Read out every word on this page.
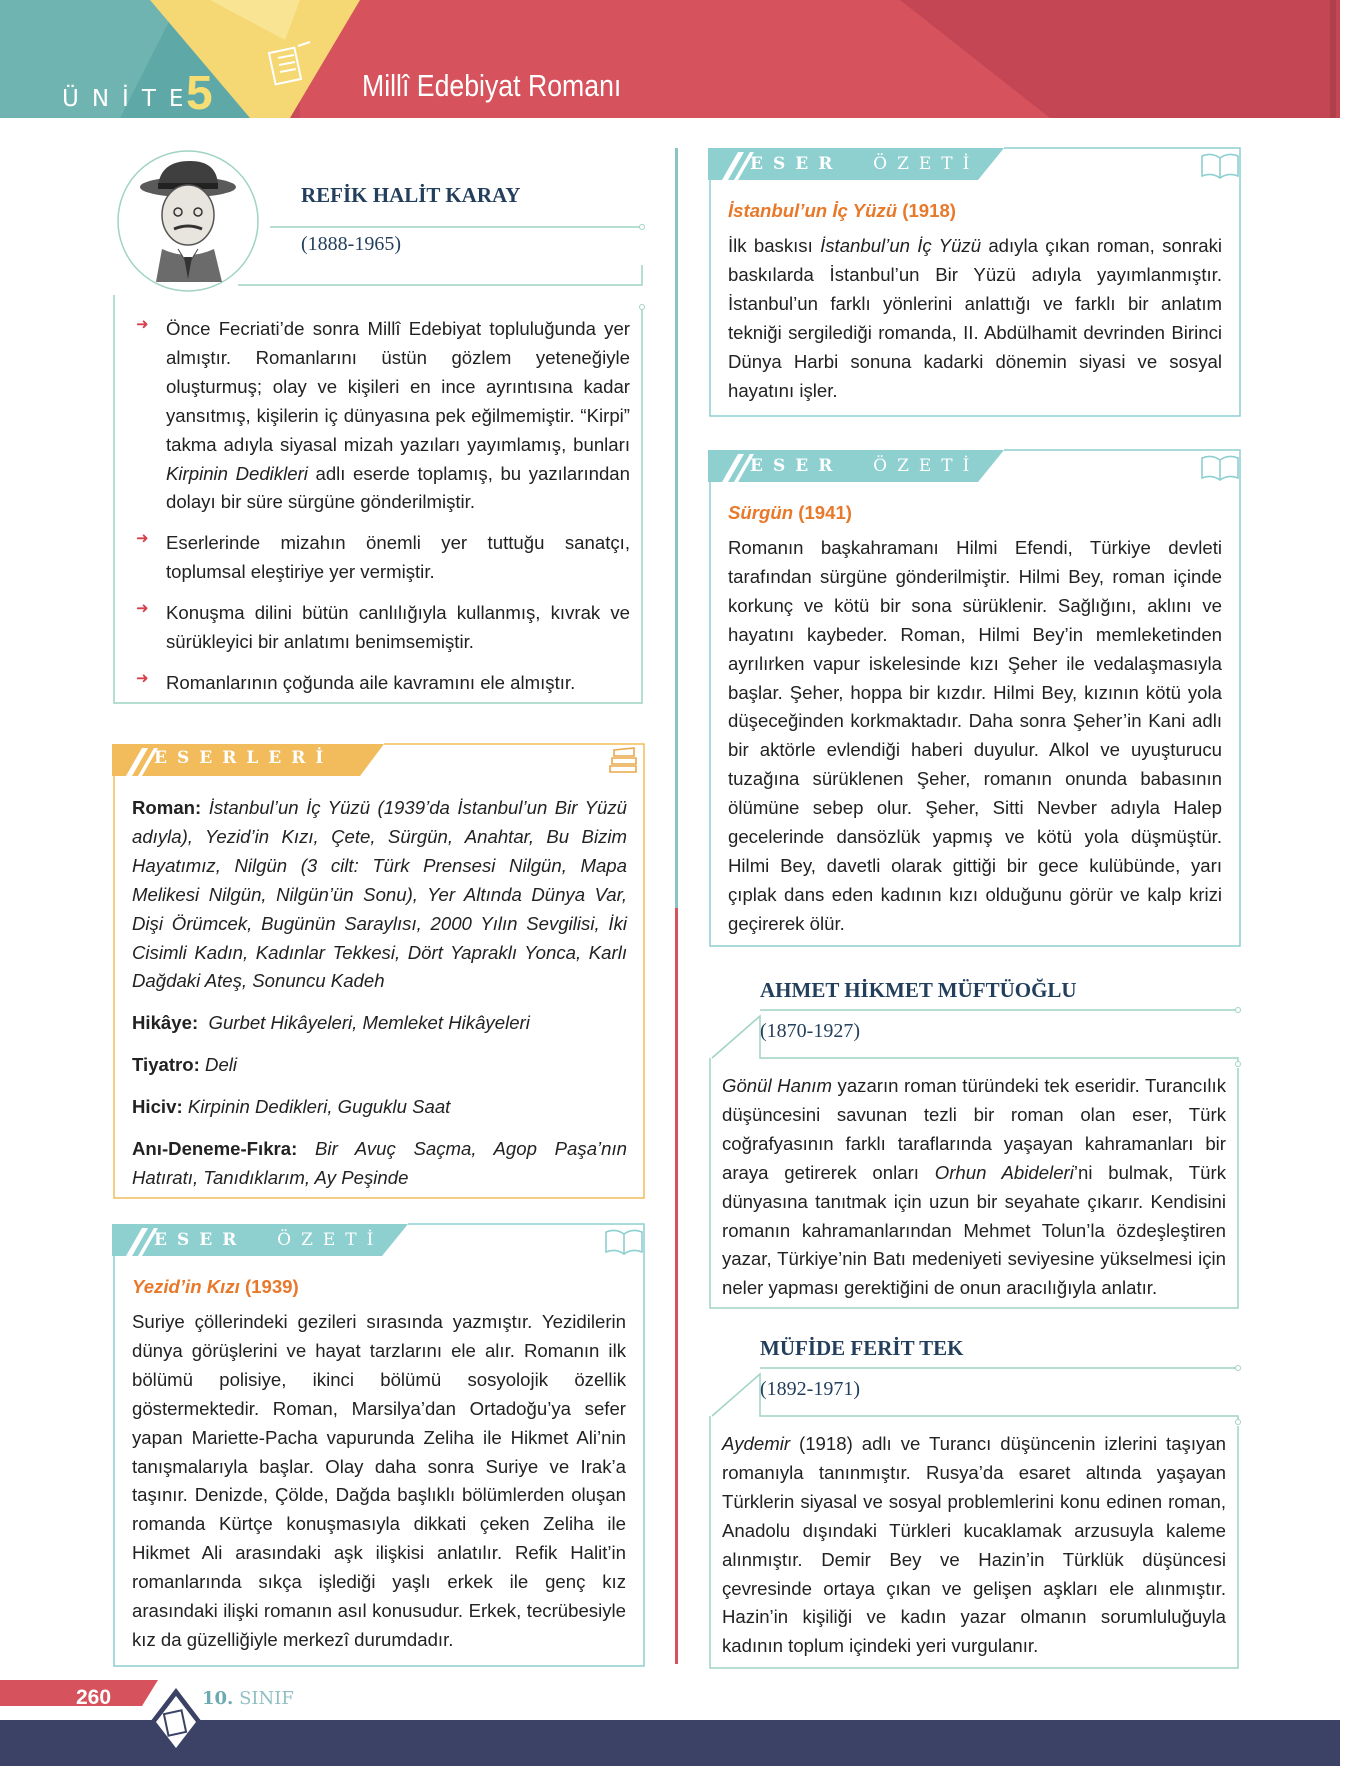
ÜNİTE
5	Millî Edebiyat Romanı
REFİK HALİT KARAY
(1888-1965)
➜ Önce Fecriati’de sonra Millî Edebiyat topluluğunda yer almıştır. Romanlarını üstün gözlem yeteneğiyle oluşturmuş; olay ve kişileri en ince ayrıntısına kadar yansıtmış, kişilerin iç dünyasına pek eğilmemiştir. “Kirpi” takma adıyla siyasal mizah yazıları yayımlamış, bunları Kirpinin Dedikleri adlı eserde toplamış, bu yazılarından dolayı bir süre sürgüne gönderilmiştir.

➜ Eserlerinde mizahın önemli yer tuttuğu sanatçı, toplumsal eleştiriye yer vermiştir.

➜ Konuşma dilini bütün canlılığıyla kullanmış, kıvrak ve sürükleyici bir anlatımı benimsemiştir.

➜ Romanlarının çoğunda aile kavramını ele almıştır.

ESERLERİ

Roman: İstanbul’un İç Yüzü (1939’da İstanbul’un Bir Yüzü adıyla), Yezid’in Kızı, Çete, Sürgün, Anahtar, Bu Bizim Hayatımız, Nilgün (3 cilt: Türk Prensesi Nilgün, Mapa Melikesi Nilgün, Nilgün’ün Sonu), Yer Altında Dünya Var, Dişi Örümcek, Bugünün Saraylısı, 2000 Yılın Sevgilisi, İki Cisimli Kadın, Kadınlar Tekkesi, Dört Yapraklı Yonca, Karlı Dağdaki Ateş, Sonuncu Kadeh

Hikâye: Gurbet Hikâyeleri, Memleket Hikâyeleri

Tiyatro: Deli

Hiciv: Kirpinin Dedikleri, Guguklu Saat

Anı-Deneme-Fıkra: Bir Avuç Saçma, Agop Paşa’nın Hatıratı, Tanıdıklarım, Ay Peşinde

ESER ÖZETİ
Yezid’in Kızı (1939)

Suriye çöllerindeki gezileri sırasında yazmıştır. Yezidilerin dünya görüşlerini ve hayat tarzlarını ele alır. Romanın ilk bölümü polisiye, ikinci bölümü sosyolojik özellik göstermektedir. Roman, Marsilya’dan Ortadoğu’ya sefer yapan Mariette-Pacha vapurunda Zeliha ile Hikmet Ali’nin tanışmalarıyla başlar. Olay daha sonra Suriye ve Irak’a taşınır. Denizde, Çölde, Dağda başlıklı bölümlerden oluşan romanda Kürtçe konuşmasıyla dikkati çeken Zeliha ile Hikmet Ali arasındaki aşk ilişkisi anlatılır. Refik Halit’in romanlarında sıkça işlediği yaşlı erkek ile genç kız arasındaki ilişki romanın asıl konusudur. Erkek, tecrübesiyle kız da güzelliğiyle merkezî durumdadır.

ESER ÖZETİ
İstanbul’un İç Yüzü (1918)

İlk baskısı İstanbul’un İç Yüzü adıyla çıkan roman, sonraki baskılarda İstanbul’un Bir Yüzü adıyla yayımlanmıştır. İstanbul’un farklı yönlerini anlattığı ve farklı bir anlatım tekniği sergilediği romanda, II. Abdülhamit devrinden Birinci Dünya Harbi sonuna kadarki dönemin siyasi ve sosyal hayatını işler.

ESER ÖZETİ
Sürgün (1941)

Romanın başkahramanı Hilmi Efendi, Türkiye devleti tarafından sürgüne gönderilmiştir. Hilmi Bey, roman içinde korkunç ve kötü bir sona sürüklenir. Sağlığını, aklını ve hayatını kaybeder. Roman, Hilmi Bey’in memleketinden ayrılırken vapur iskelesinde kızı Şeher ile vedalaşmasıyla başlar. Şeher, hoppa bir kızdır. Hilmi Bey, kızının kötü yola düşeceğinden korkmaktadır. Daha sonra Şeher’in Kani adlı bir aktörle evlendiği haberi duyulur. Alkol ve uyuşturucu tuzağına sürüklenen Şeher, romanın onunda babasının ölümüne sebep olur. Şeher, Sitti Nevber adıyla Halep gecelerinde dansözlük yapmış ve kötü yola düşmüştür. Hilmi Bey, davetli olarak gittiği bir gece kulübünde, yarı çıplak dans eden kadının kızı olduğunu görür ve kalp krizi geçirerek ölür.

AHMET HİKMET MÜFTÜOĞLU
(1870-1927)

Gönül Hanım yazarın roman türündeki tek eseridir. Turancılık düşüncesini savunan tezli bir roman olan eser, Türk coğrafyasının farklı taraflarında yaşayan kahramanları bir araya getirerek onları Orhun Abideleri’ni bulmak, Türk dünyasına tanıtmak için uzun bir seyahate çıkarır. Kendisini romanın kahramanlarından Mehmet Tolun’la özdeşleştiren yazar, Türkiye’nin Batı medeniyeti seviyesine yükselmesi için neler yapması gerektiğini de onun aracılığıyla anlatır.

MÜFİDE FERİT TEK
(1892-1971)

Aydemir (1918) adlı ve Turancı düşüncenin izlerini taşıyan romanıyla tanınmıştır. Rusya’da esaret altında yaşayan Türklerin siyasal ve sosyal problemlerini konu edinen roman, Anadolu dışındaki Türkleri kucaklamak arzusuyla kaleme alınmıştır. Demir Bey ve Hazin’in Türklük düşüncesi çevresinde ortaya çıkan ve gelişen aşkları ele alınmıştır. Hazin’in kişiliği ve kadın yazar olmanın sorumluluğuyla kadının toplum içindeki yeri vurgulanır.

260	10. SINIF
